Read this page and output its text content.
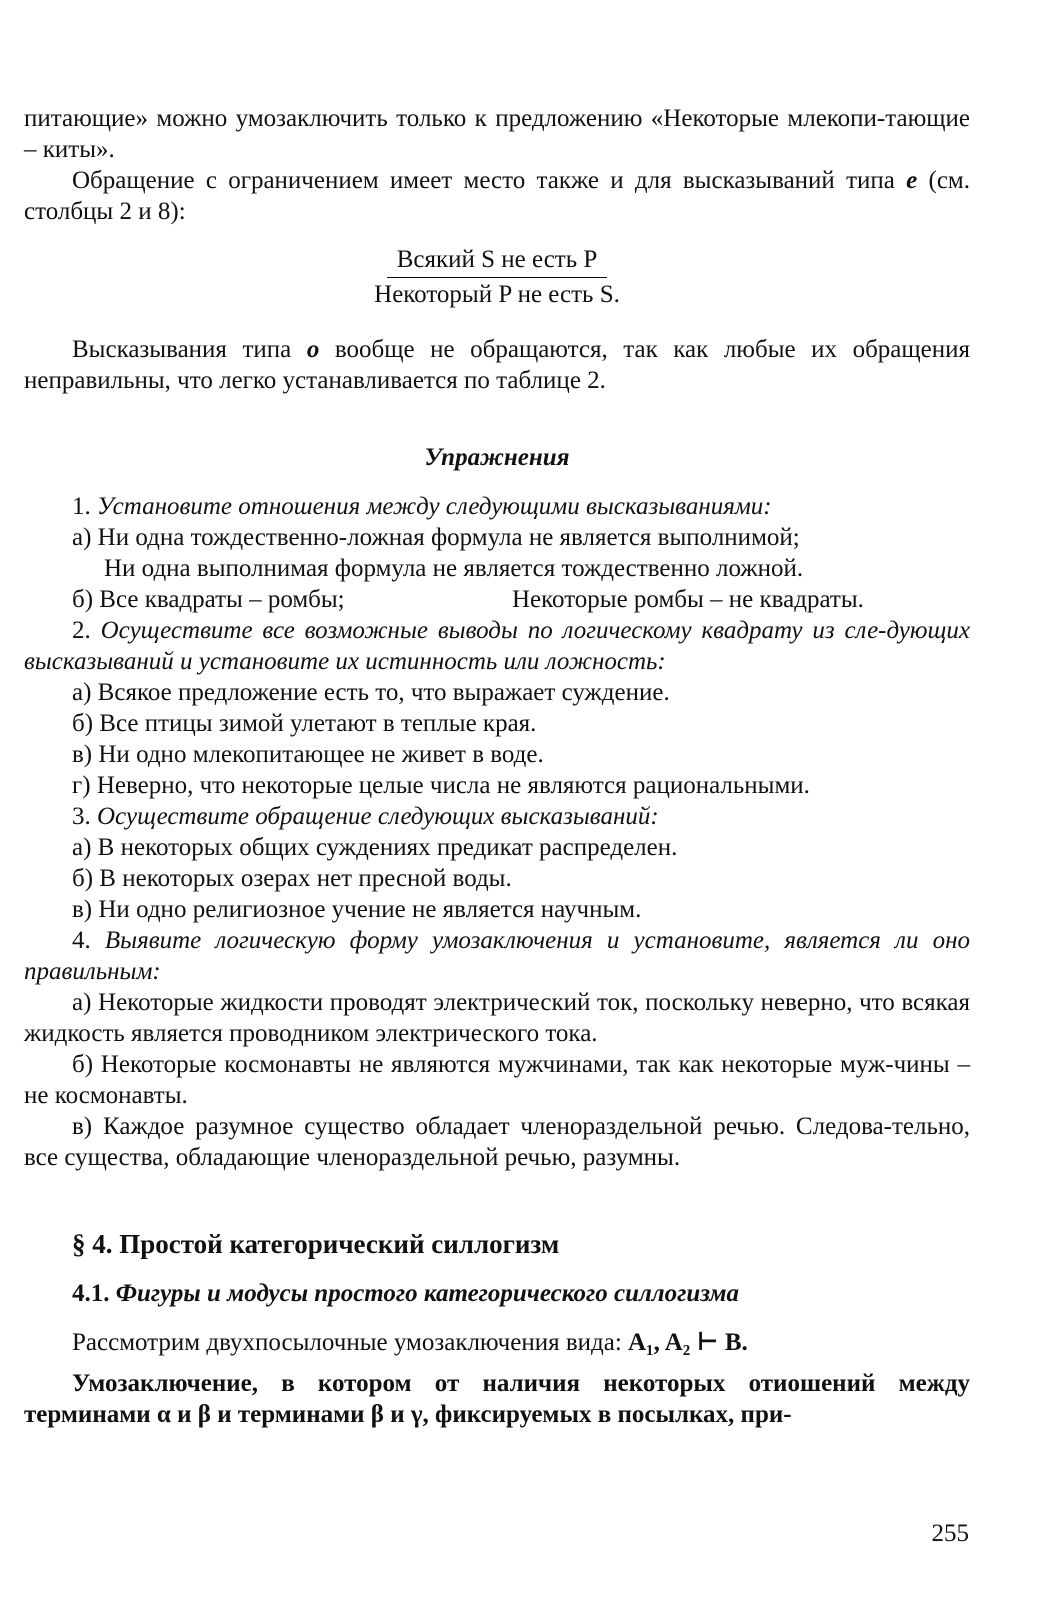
питающие» можно умозаключить только к предложению «Некоторые млекопи-тающие – киты».

Обращение с ограничением имеет место также и для высказываний типа e (см. столбцы 2 и 8):

Всякий S не есть P
Некоторый P не есть S.

Высказывания типа o вообще не обращаются, так как любые их обращения неправильны, что легко устанавливается по таблице 2.

Упражнения

1. Установите отношения между следующими высказываниями:

а) Ни одна тождественно-ложная формула не является выполнимой;

Ни одна выполнимая формула не является тождественно ложной.

б) Все квадраты – ромбы;	Некоторые ромбы – не квадраты.

2. Осуществите все возможные выводы по логическому квадрату из сле-дующих высказываний и установите их истинность или ложность:

а) Всякое предложение есть то, что выражает суждение.

б) Все птицы зимой улетают в теплые края.

в) Ни одно млекопитающее не живет в воде.

г) Неверно, что некоторые целые числа не являются рациональными.

3. Осуществите обращение следующих высказываний:

а) В некоторых общих суждениях предикат распределен.

б) В некоторых озерах нет пресной воды.

в) Ни одно религиозное учение не является научным.

4. Выявите логическую форму умозаключения и установите, является ли оно правильным:

а) Некоторые жидкости проводят электрический ток, поскольку неверно, что всякая жидкость является проводником электрического тока.

б) Некоторые космонавты не являются мужчинами, так как некоторые муж-чины – не космонавты.

в) Каждое разумное существо обладает членораздельной речью. Следова-тельно, все существа, обладающие членораздельной речью, разумны.

§ 4. Простой категорический силлогизм

4.1. Фигуры и модусы простого категорического силлогизма

Рассмотрим двухпосылочные умозаключения вида: A₁, A₂ ⊢ B.

Умозаключение, в котором от наличия некоторых отиошений между терминами α и β и терминами β и γ, фиксируемых в посылках, при-

255
